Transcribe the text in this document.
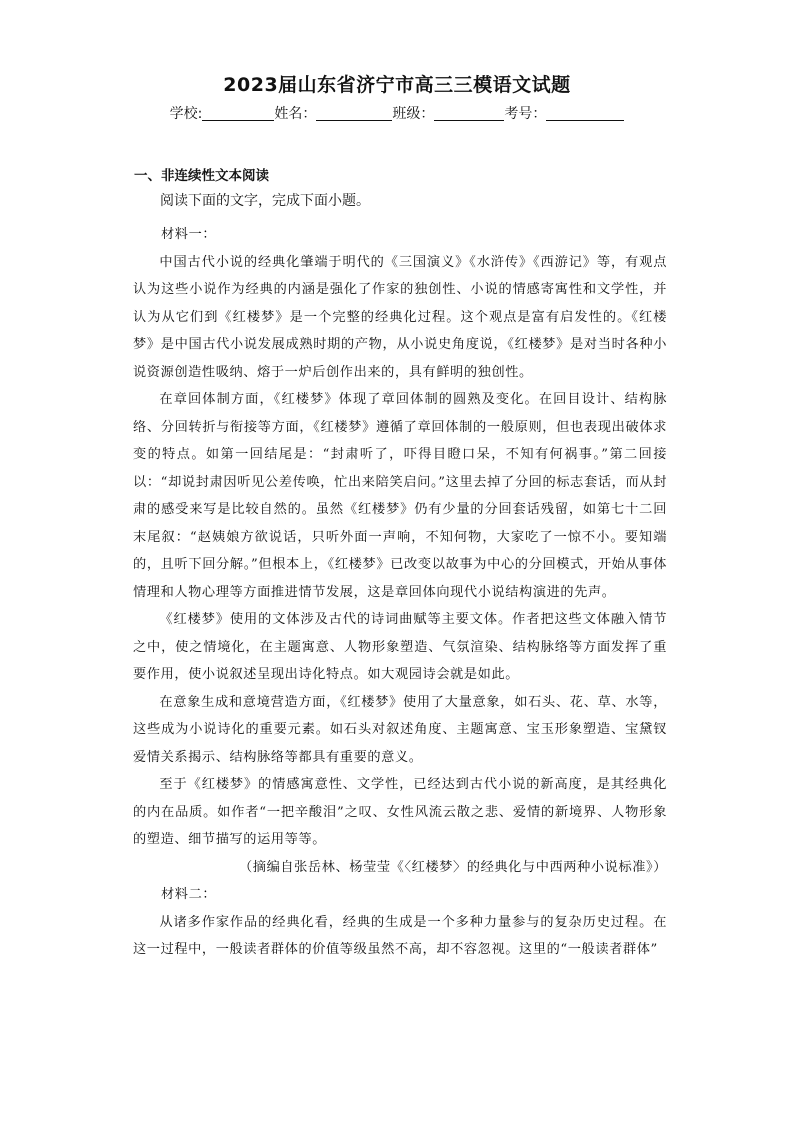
2023届山东省济宁市高三三模语文试题
学校:	姓名：	班级：	考号：
一、非连续性文本阅读
阅读下面的文字，完成下面小题。

材料一：

中国古代小说的经典化肇端于明代的《三国演义》《水浒传》《西游记》等，有观点认为这些小说作为经典的内涵是强化了作家的独创性、小说的情感寄寓性和文学性，并认为从它们到《红楼梦》是一个完整的经典化过程。这个观点是富有启发性的。《红楼梦》是中国古代小说发展成熟时期的产物，从小说史角度说，《红楼梦》是对当时各种小说资源创造性吸纳、熔于一炉后创作出来的，具有鲜明的独创性。

在章回体制方面，《红楼梦》体现了章回体制的圆熟及变化。在回目设计、结构脉络、分回转折与衔接等方面，《红楼梦》遵循了章回体制的一般原则，但也表现出破体求变的特点。如第一回结尾是：“封肃听了，吓得目瞪口呆，不知有何祸事。”第二回接以：“却说封肃因听见公差传唤，忙出来陪笑启问。”这里去掉了分回的标志套话，而从封肃的感受来写是比较自然的。虽然《红楼梦》仍有少量的分回套话残留，如第七十二回末尾叙：“赵姨娘方欲说话，只听外面一声响，不知何物，大家吃了一惊不小。要知端的，且听下回分解。”但根本上，《红楼梦》已改变以故事为中心的分回模式，开始从事体情理和人物心理等方面推进情节发展，这是章回体向现代小说结构演进的先声。

《红楼梦》使用的文体涉及古代的诗词曲赋等主要文体。作者把这些文体融入情节之中，使之情境化，在主题寓意、人物形象塑造、气氛渲染、结构脉络等方面发挥了重要作用，使小说叙述呈现出诗化特点。如大观园诗会就是如此。

在意象生成和意境营造方面，《红楼梦》使用了大量意象，如石头、花、草、水等，这些成为小说诗化的重要元素。如石头对叙述角度、主题寓意、宝玉形象塑造、宝黛钗爱情关系揭示、结构脉络等都具有重要的意义。

至于《红楼梦》的情感寓意性、文学性，已经达到古代小说的新高度，是其经典化的内在品质。如作者“一把辛酸泪”之叹、女性风流云散之悲、爱情的新境界、人物形象的塑造、细节描写的运用等等。

（摘编自张岳林、杨莹莹《〈红楼梦〉的经典化与中西两种小说标准》）

材料二：

从诸多作家作品的经典化看，经典的生成是一个多种力量参与的复杂历史过程。在这一过程中，一般读者群体的价值等级虽然不高，却不容忽视。这里的“一般读者群体”
